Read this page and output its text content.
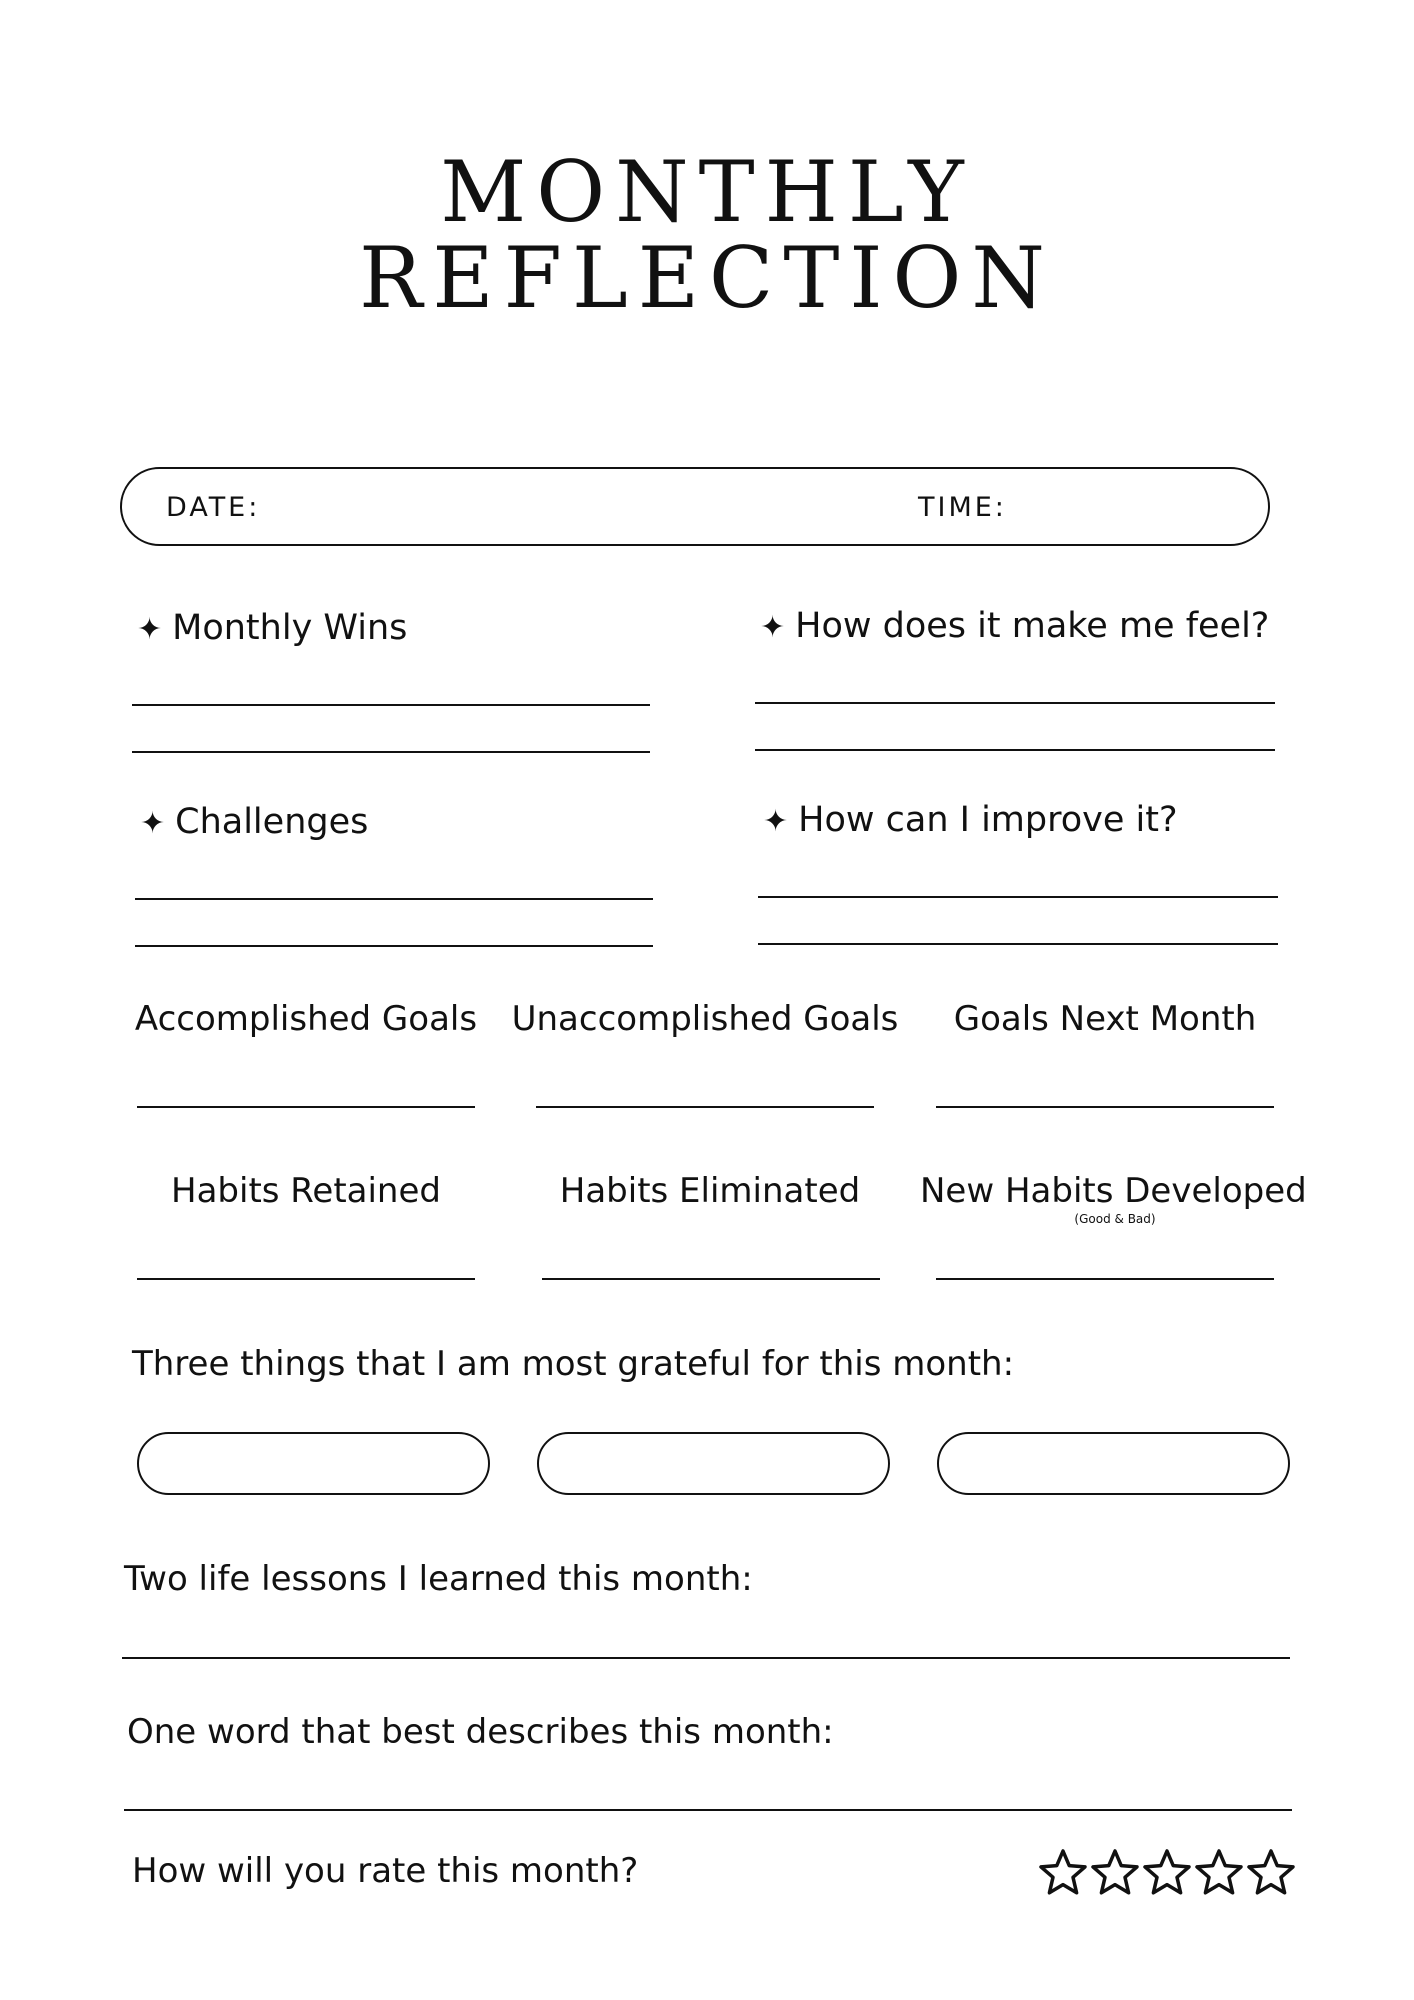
MONTHLY
REFLECTION
DATE:	TIME:
✦ Monthly Wins	✦ How does it make me feel?
✦ Challenges	✦ How can I improve it?
Accomplished Goals	Unaccomplished Goals	Goals Next Month
Habits Retained	Habits Eliminated	New Habits Developed
(Good & Bad)
Three things that I am most grateful for this month:
Two life lessons I learned this month:
One word that best describes this month:
How will you rate this month?
